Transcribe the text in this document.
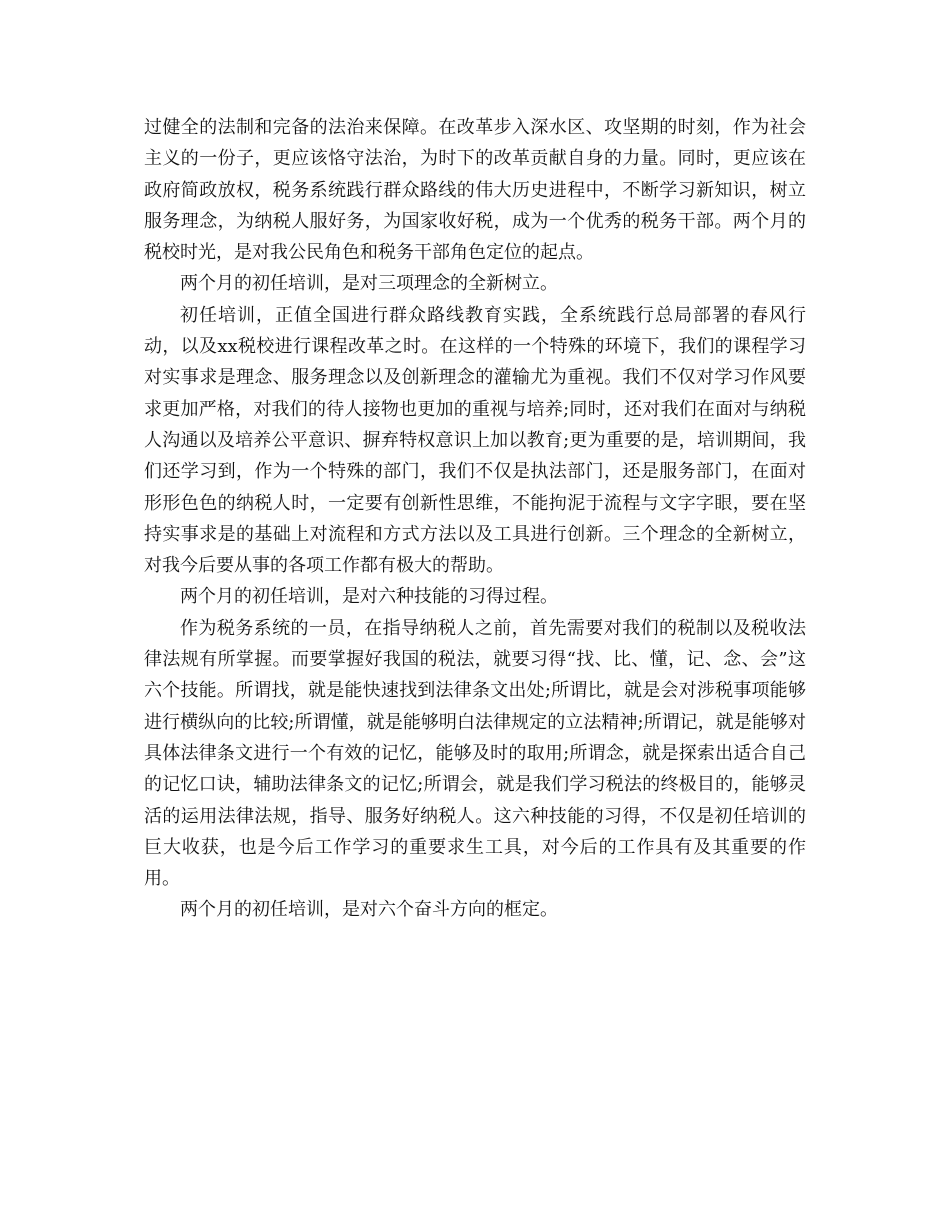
过健全的法制和完备的法治来保障。在改革步入深水区、攻坚期的时刻，作为社会主义的一份子，更应该恪守法治，为时下的改革贡献自身的力量。同时，更应该在政府简政放权，税务系统践行群众路线的伟大历史进程中，不断学习新知识，树立服务理念，为纳税人服好务，为国家收好税，成为一个优秀的税务干部。两个月的税校时光，是对我公民角色和税务干部角色定位的起点。

两个月的初任培训，是对三项理念的全新树立。

初任培训，正值全国进行群众路线教育实践，全系统践行总局部署的春风行动，以及xx税校进行课程改革之时。在这样的一个特殊的环境下，我们的课程学习对实事求是理念、服务理念以及创新理念的灌输尤为重视。我们不仅对学习作风要求更加严格，对我们的待人接物也更加的重视与培养;同时，还对我们在面对与纳税人沟通以及培养公平意识、摒弃特权意识上加以教育;更为重要的是，培训期间，我们还学习到，作为一个特殊的部门，我们不仅是执法部门，还是服务部门，在面对形形色色的纳税人时，一定要有创新性思维，不能拘泥于流程与文字字眼，要在坚持实事求是的基础上对流程和方式方法以及工具进行创新。三个理念的全新树立，对我今后要从事的各项工作都有极大的帮助。

两个月的初任培训，是对六种技能的习得过程。

作为税务系统的一员，在指导纳税人之前，首先需要对我们的税制以及税收法律法规有所掌握。而要掌握好我国的税法，就要习得“找、比、懂，记、念、会”这六个技能。所谓找，就是能快速找到法律条文出处;所谓比，就是会对涉税事项能够进行横纵向的比较;所谓懂，就是能够明白法律规定的立法精神;所谓记，就是能够对具体法律条文进行一个有效的记忆，能够及时的取用;所谓念，就是探索出适合自己的记忆口诀，辅助法律条文的记忆;所谓会，就是我们学习税法的终极目的，能够灵活的运用法律法规，指导、服务好纳税人。这六种技能的习得，不仅是初任培训的巨大收获，也是今后工作学习的重要求生工具，对今后的工作具有及其重要的作用。

两个月的初任培训，是对六个奋斗方向的框定。
